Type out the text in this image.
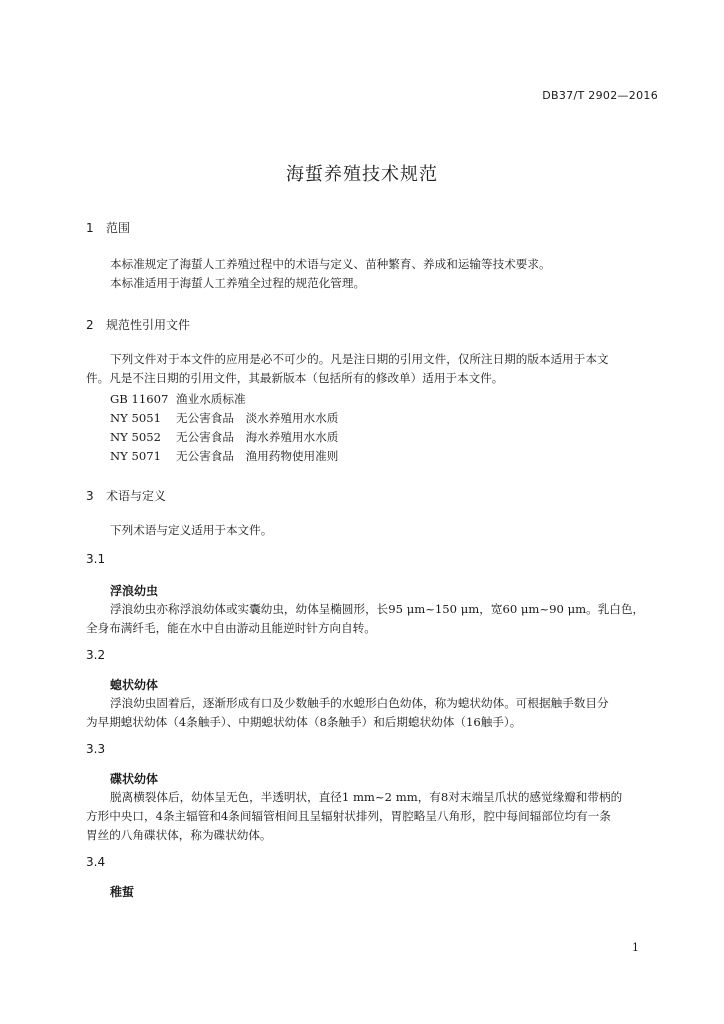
DB37/T 2902—2016
海蜇养殖技术规范
1 范围
本标准规定了海蜇人工养殖过程中的术语与定义、苗种繁育、养成和运输等技术要求。
本标准适用于海蜇人工养殖全过程的规范化管理。
2 规范性引用文件
下列文件对于本文件的应用是必不可少的。凡是注日期的引用文件，仅所注日期的版本适用于本文
件。凡是不注日期的引用文件，其最新版本（包括所有的修改单）适用于本文件。
GB 11607 渔业水质标准
NY 5051 无公害食品　淡水养殖用水水质
NY 5052 无公害食品　海水养殖用水水质
NY 5071 无公害食品　渔用药物使用准则
3 术语与定义
下列术语与定义适用于本文件。
3.1
浮浪幼虫
浮浪幼虫亦称浮浪幼体或实囊幼虫，幼体呈椭圆形，长95 μm~150 μm，宽60 μm~90 μm。乳白色，
全身布满纤毛，能在水中自由游动且能逆时针方向自转。
3.2
螅状幼体
浮浪幼虫固着后，逐渐形成有口及少数触手的水螅形白色幼体，称为螅状幼体。可根据触手数目分
为早期螅状幼体（4条触手）、中期螅状幼体（8条触手）和后期螅状幼体（16触手）。
3.3
碟状幼体
脱离横裂体后，幼体呈无色，半透明状，直径1 mm~2 mm，有8对末端呈爪状的感觉缘瓣和带柄的
方形中央口，4条主辐管和4条间辐管相间且呈辐射状排列，胃腔略呈八角形，腔中每间辐部位均有一条
胃丝的八角碟状体，称为碟状幼体。
3.4
稚蜇
1
